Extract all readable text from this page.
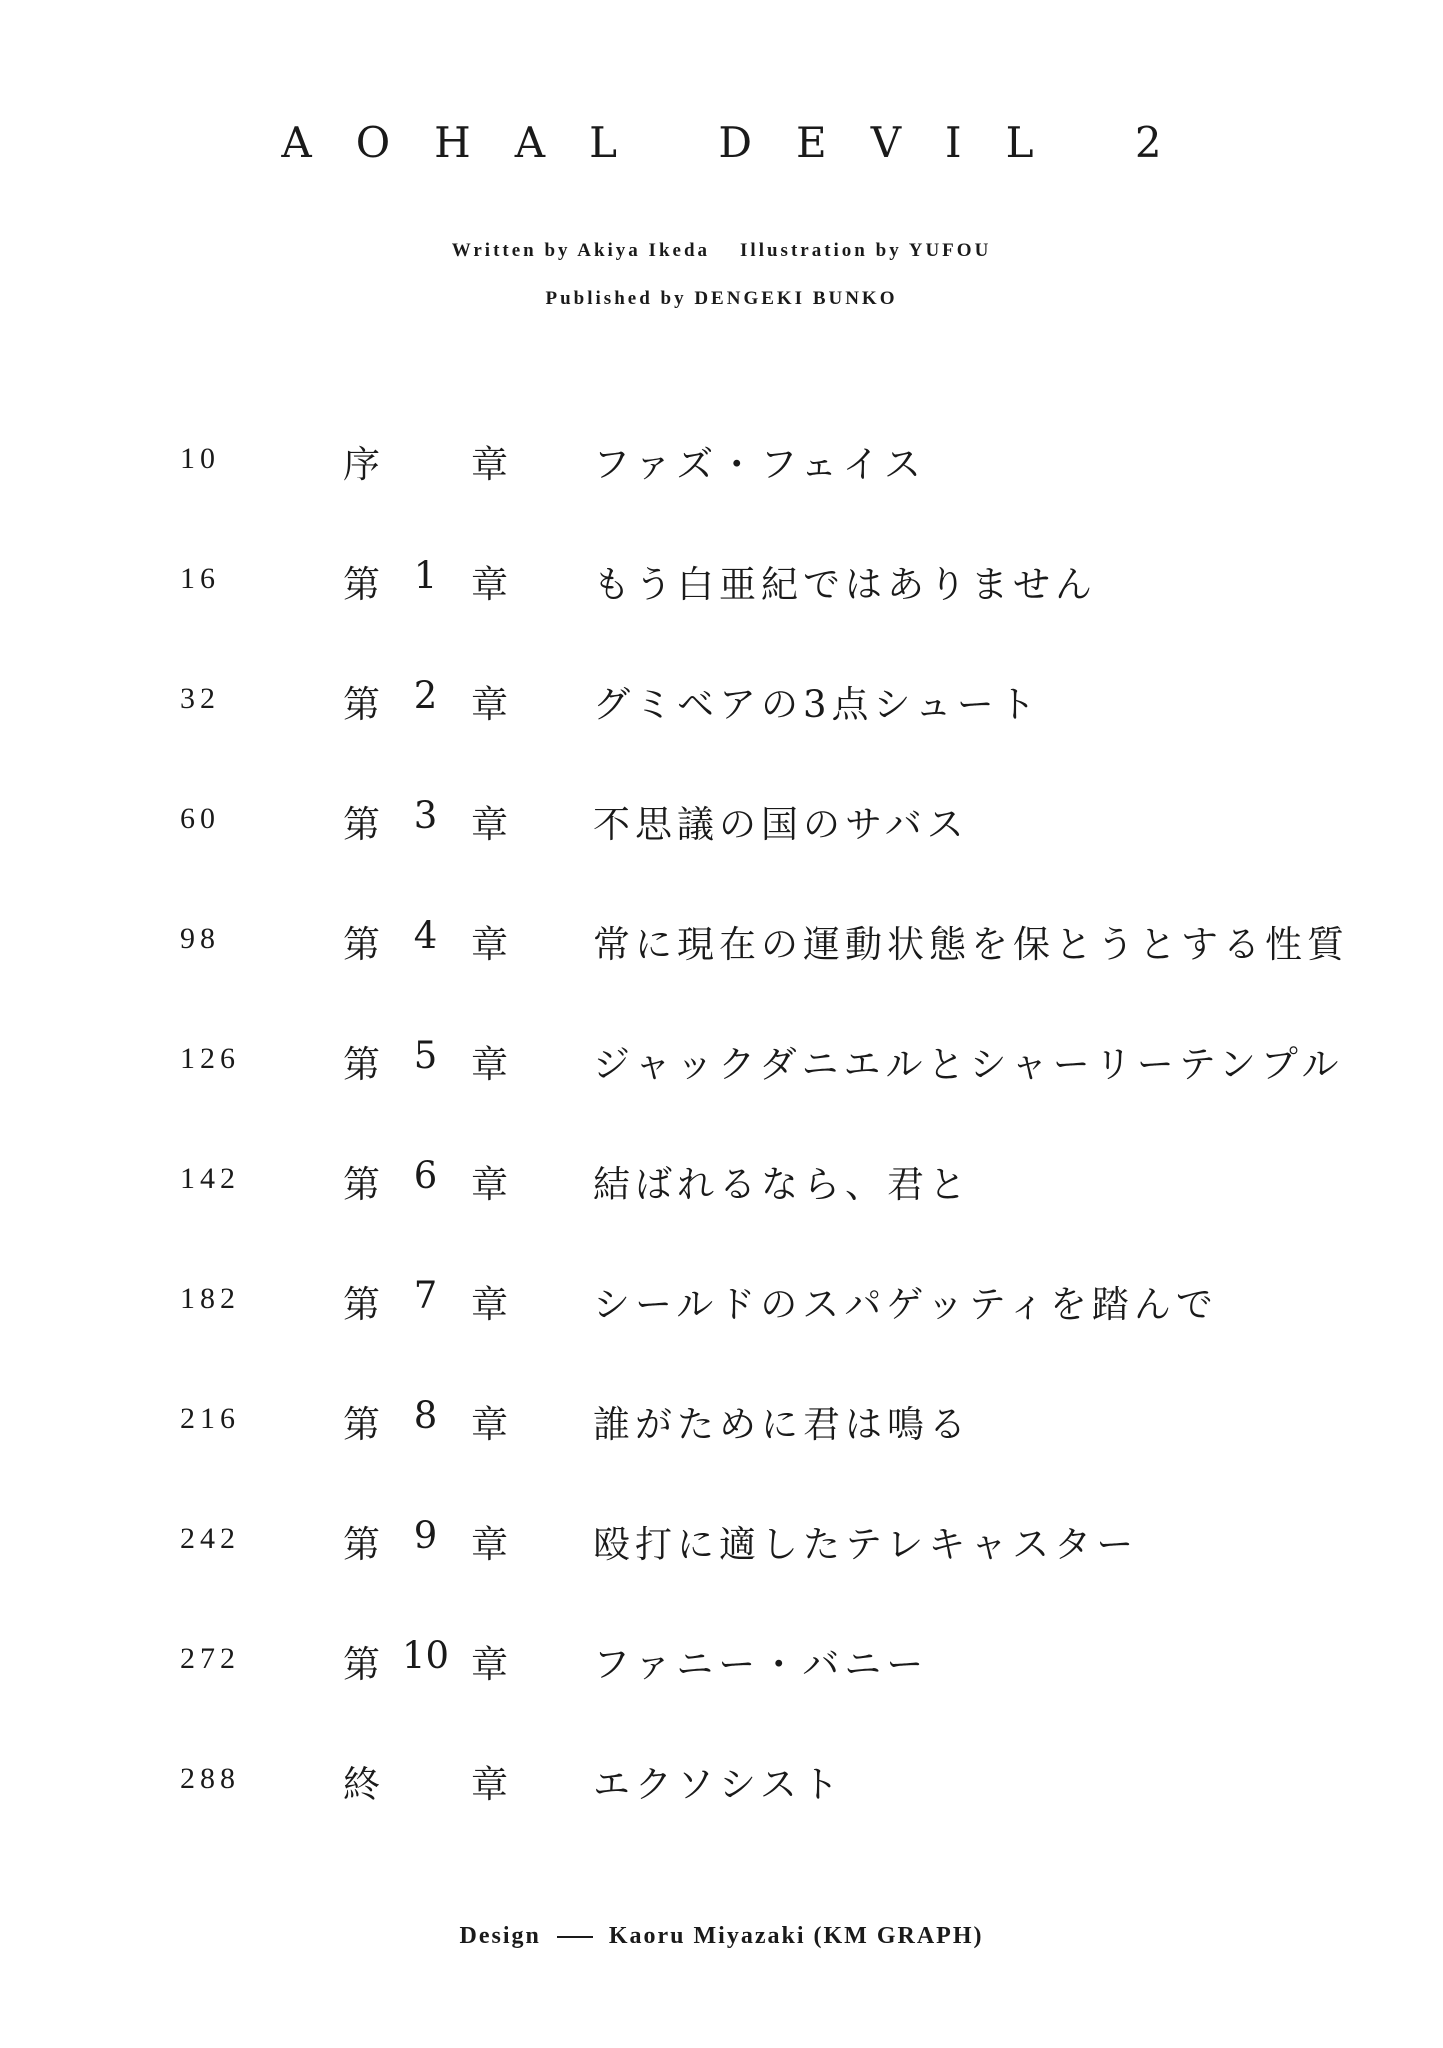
AOHAL DEVIL 2
Written by Akiya Ikeda Illustration by YUFOU
Published by DENGEKI BUNKO
10	序 章 ファズ・フェイス
16	第 1 章 もう白亜紀ではありません
32	第 2 章 グミベアの3点シュート
60	第 3 章 不思議の国のサバス
98	第 4 章 常に現在の運動状態を保とうとする性質
126	第 5 章 ジャックダニエルとシャーリーテンプル
142	第 6 章 結ばれるなら、君と
182	第 7 章 シールドのスパゲッティを踏んで
216	第 8 章 誰がために君は鳴る
242	第 9 章 殴打に適したテレキャスター
272	第 10 章 ファニー・バニー
288	終 章 エクソシスト
Design	Kaoru Miyazaki (KM GRAPH)
